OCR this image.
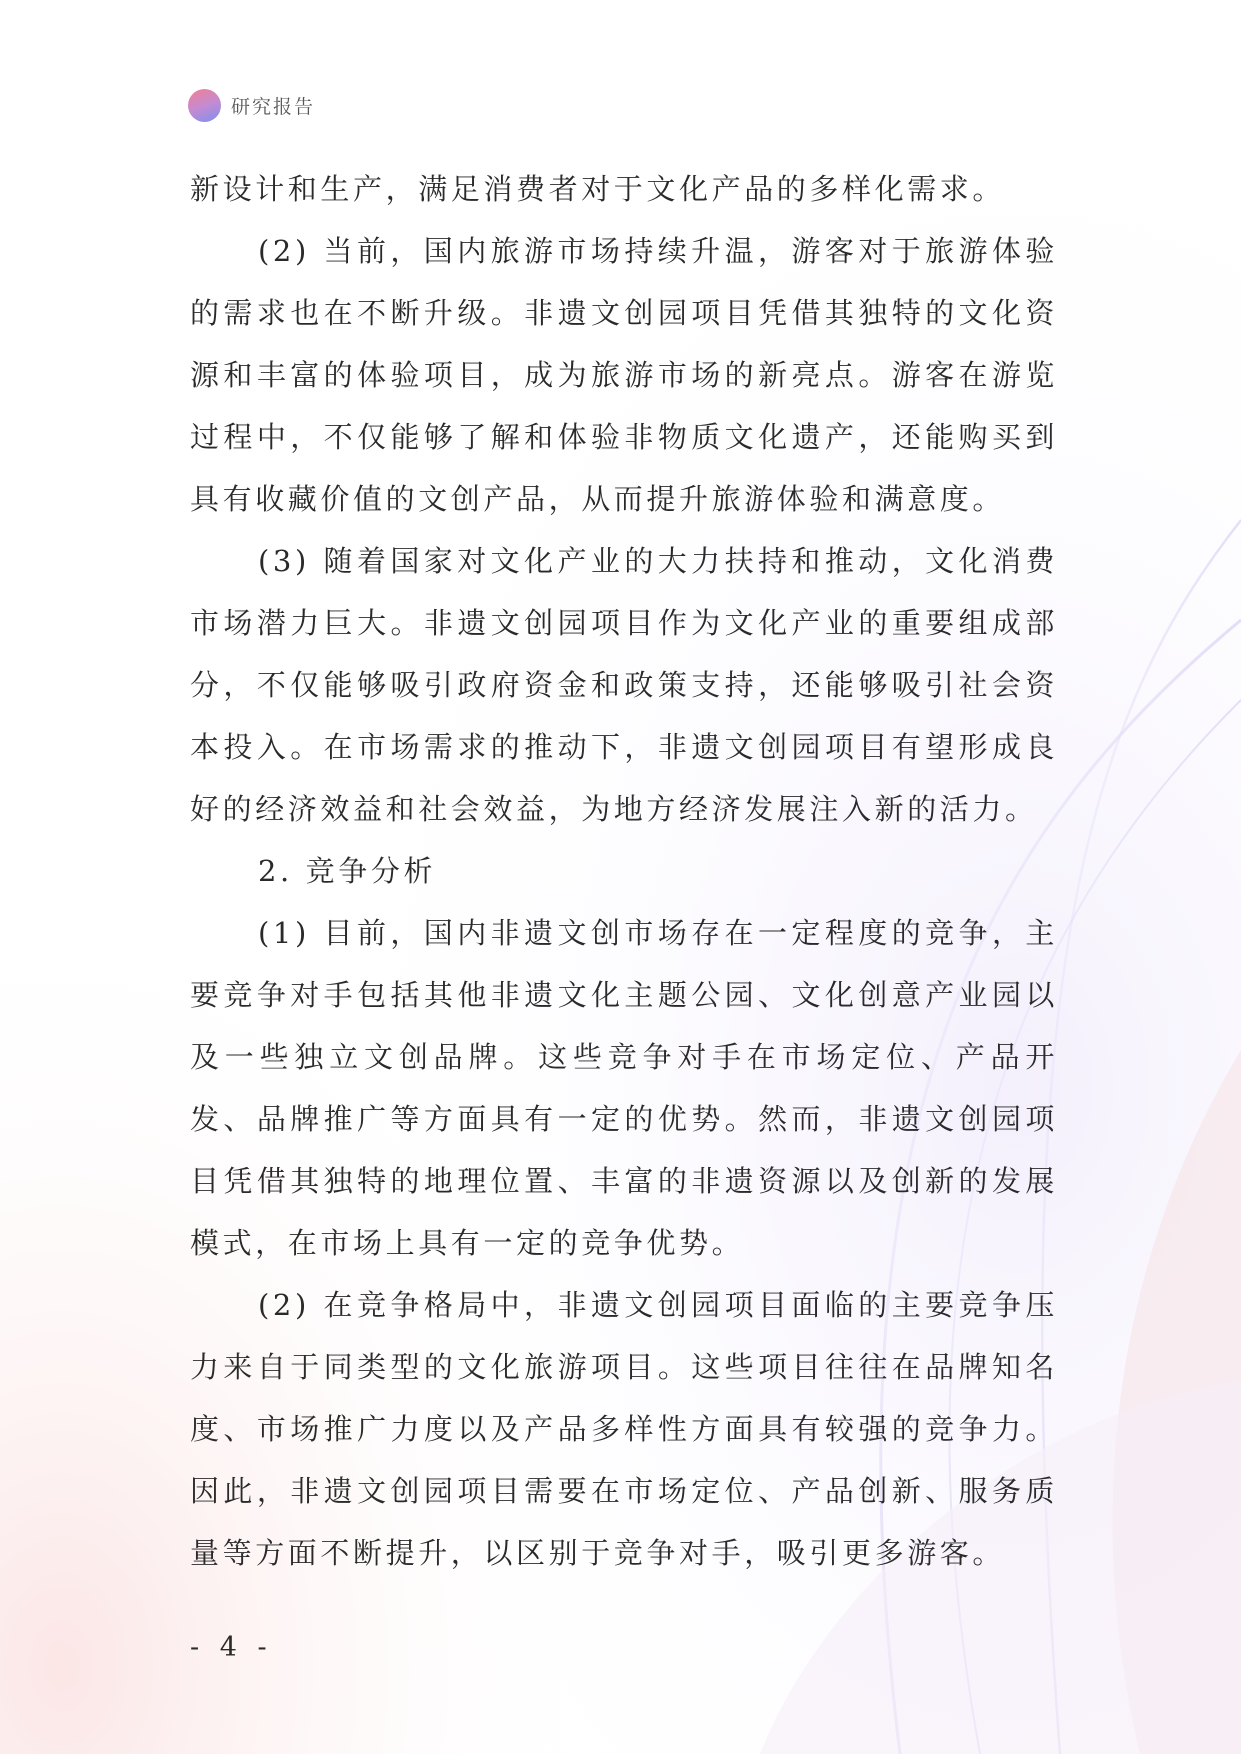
研究报告

新设计和生产，满足消费者对于文化产品的多样化需求。

(2) 当前，国内旅游市场持续升温，游客对于旅游体验的需求也在不断升级。非遗文创园项目凭借其独特的文化资源和丰富的体验项目，成为旅游市场的新亮点。游客在游览过程中，不仅能够了解和体验非物质文化遗产，还能购买到具有收藏价值的文创产品，从而提升旅游体验和满意度。

(3) 随着国家对文化产业的大力扶持和推动，文化消费市场潜力巨大。非遗文创园项目作为文化产业的重要组成部分，不仅能够吸引政府资金和政策支持，还能够吸引社会资本投入。在市场需求的推动下，非遗文创园项目有望形成良好的经济效益和社会效益，为地方经济发展注入新的活力。

2. 竞争分析

(1) 目前，国内非遗文创市场存在一定程度的竞争，主要竞争对手包括其他非遗文化主题公园、文化创意产业园以及一些独立文创品牌。这些竞争对手在市场定位、产品开发、品牌推广等方面具有一定的优势。然而，非遗文创园项目凭借其独特的地理位置、丰富的非遗资源以及创新的发展模式，在市场上具有一定的竞争优势。

(2) 在竞争格局中，非遗文创园项目面临的主要竞争压力来自于同类型的文化旅游项目。这些项目往往在品牌知名度、市场推广力度以及产品多样性方面具有较强的竞争力。因此，非遗文创园项目需要在市场定位、产品创新、服务质量等方面不断提升，以区别于竞争对手，吸引更多游客。

- 4 -
